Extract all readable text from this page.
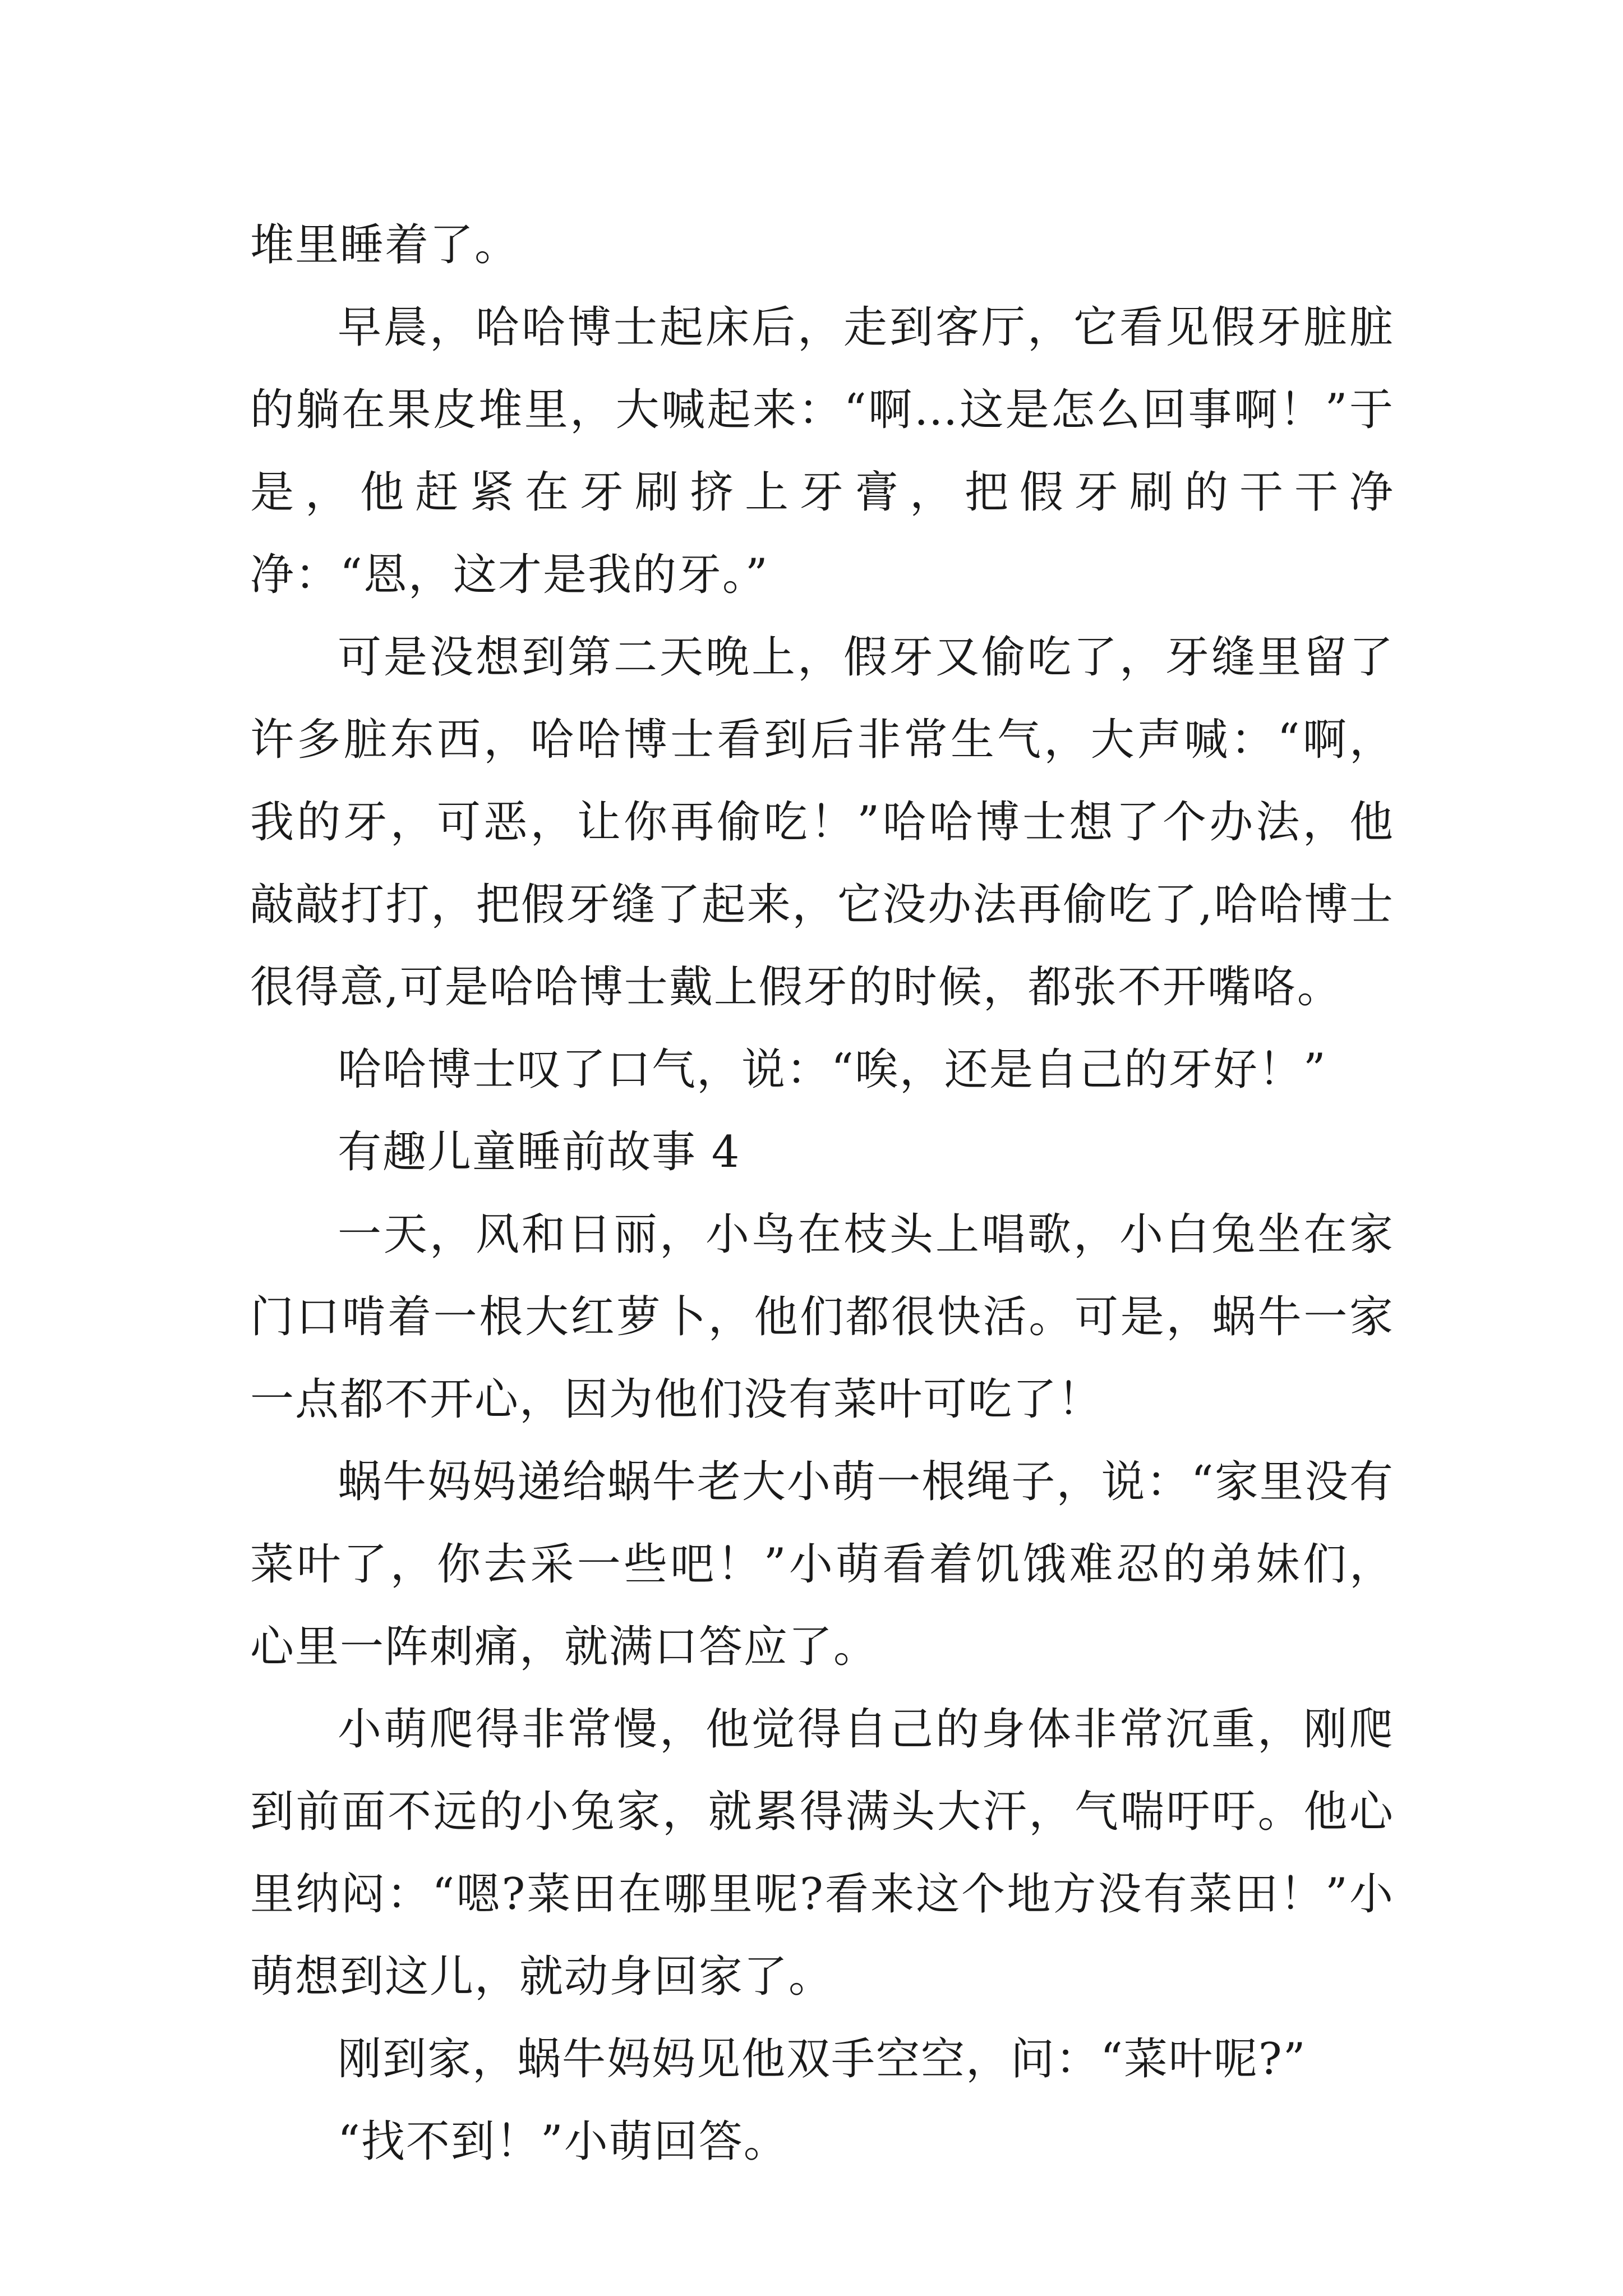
堆里睡着了。

早晨，哈哈博士起床后，走到客厅，它看见假牙脏脏的躺在果皮堆里，大喊起来：“啊…这是怎么回事啊！”于是，他赶紧在牙刷挤上牙膏，把假牙刷的干干净净：“恩，这才是我的牙。”

可是没想到第二天晚上，假牙又偷吃了，牙缝里留了许多脏东西，哈哈博士看到后非常生气，大声喊：“啊，我的牙，可恶，让你再偷吃！”哈哈博士想了个办法，他敲敲打打，把假牙缝了起来，它没办法再偷吃了,哈哈博士很得意,可是哈哈博士戴上假牙的时候，都张不开嘴咯。

哈哈博士叹了口气，说：“唉，还是自己的牙好！”

有趣儿童睡前故事 4

一天，风和日丽，小鸟在枝头上唱歌，小白兔坐在家门口啃着一根大红萝卜，他们都很快活。可是，蜗牛一家一点都不开心，因为他们没有菜叶可吃了！

蜗牛妈妈递给蜗牛老大小萌一根绳子，说：“家里没有菜叶了，你去采一些吧！”小萌看着饥饿难忍的弟妹们，心里一阵刺痛，就满口答应了。

小萌爬得非常慢，他觉得自己的身体非常沉重，刚爬到前面不远的小兔家，就累得满头大汗，气喘吁吁。他心里纳闷：“嗯?菜田在哪里呢?看来这个地方没有菜田！”小萌想到这儿，就动身回家了。

刚到家，蜗牛妈妈见他双手空空，问：“菜叶呢?”

“找不到！”小萌回答。
